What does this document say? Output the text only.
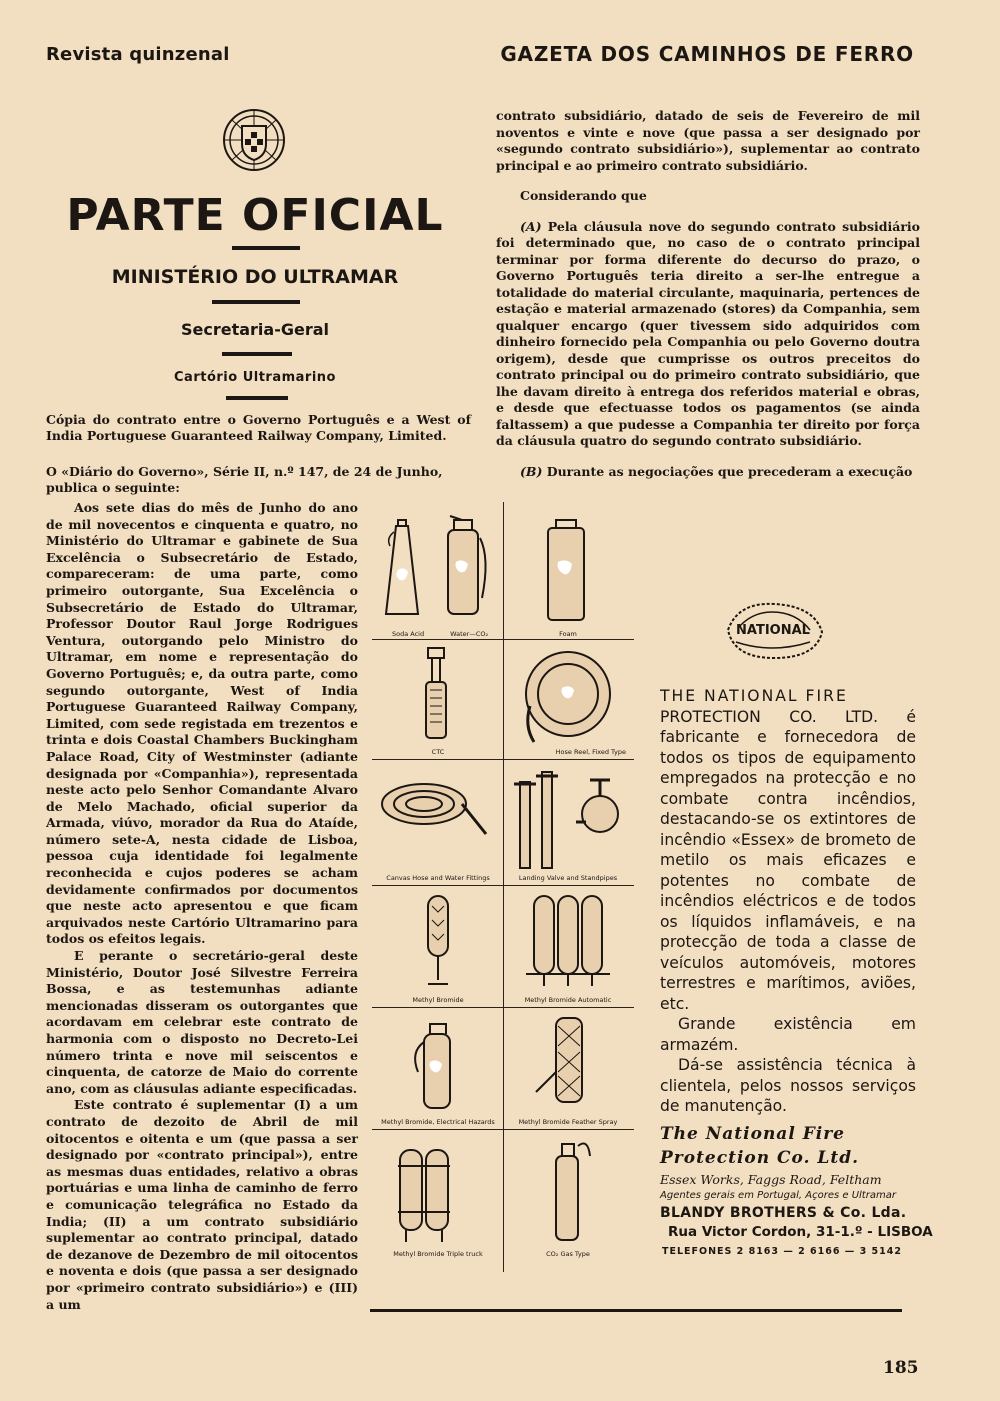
Revista quinzenal	GAZETA DOS CAMINHOS DE FERRO
PARTE OFICIAL
MINISTÉRIO DO ULTRAMAR
Secretaria-Geral
Cartório Ultramarino
Cópia do contrato entre o Governo Português e a West of India Portuguese Guaranteed Railway Company, Limited.
O «Diário do Governo», Série II, n.º 147, de 24 de Junho, publica o seguinte:

Aos sete dias do mês de Junho do ano de mil novecentos e cinquenta e quatro, no Ministério do Ultramar e gabinete de Sua Excelência o Subsecretário de Estado, compareceram: de uma parte, como primeiro outorgante, Sua Excelência o Subsecretário de Estado do Ultramar, Professor Doutor Raul Jorge Rodrigues Ventura, outorgando pelo Ministro do Ultramar, em nome e representação do Governo Português; e, da outra parte, como segundo outorgante, West of India Portuguese Guaranteed Railway Company, Limited, com sede registada em trezentos e trinta e dois Coastal Chambers Buckingham Palace Road, City of Westminster (adiante designada por «Companhia»), representada neste acto pelo Senhor Comandante Alvaro de Melo Machado, oficial superior da Armada, viúvo, morador da Rua do Ataíde, número sete-A, nesta cidade de Lisboa, pessoa cuja identidade foi legalmente reconhecida e cujos poderes se acham devidamente confirmados por documentos que neste acto apresentou e que ficam arquivados neste Cartório Ultramarino para todos os efeitos legais.

E perante o secretário-geral deste Ministério, Doutor José Silvestre Ferreira Bossa, e as testemunhas adiante mencionadas disseram os outorgantes que acordavam em celebrar este contrato de harmonia com o disposto no Decreto-Lei número trinta e nove mil seiscentos e cinquenta, de catorze de Maio do corrente ano, com as cláusulas adiante especificadas.

Este contrato é suplementar (I) a um contrato de dezoito de Abril de mil oitocentos e oitenta e um (que passa a ser designado por «contrato principal»), entre as mesmas duas entidades, relativo a obras portuárias e uma linha de caminho de ferro e comunicação telegráfica no Estado da India; (II) a um contrato subsidiário suplementar ao contrato principal, datado de dezanove de Dezembro de mil oitocentos e noventa e dois (que passa a ser designado por «primeiro contrato subsidiário») e (III) a um

contrato subsidiário, datado de seis de Fevereiro de mil noventos e vinte e nove (que passa a ser designado por «segundo contrato subsidiário»), suplementar ao contrato principal e ao primeiro contrato subsidiário.

Considerando que

(A) Pela cláusula nove do segundo contrato subsidiário foi determinado que, no caso de o contrato principal terminar por forma diferente do decurso do prazo, o Governo Português teria direito a ser-lhe entregue a totalidade do material circulante, maquinaria, pertences de estação e material armazenado (stores) da Companhia, sem qualquer encargo (quer tivessem sido adquiridos com dinheiro fornecido pela Companhia ou pelo Governo doutra origem), desde que cumprisse os outros preceitos do contrato principal ou do primeiro contrato subsidiário, que lhe davam direito à entrega dos referidos material e obras, e desde que efectuasse todos os pagamentos (se ainda faltassem) a que pudesse a Companhia ter direito por força da cláusula quatro do segundo contrato subsidiário.

(B) Durante as negociações que precederam a execução

Soda Acid	Water—CO₂	Foam
CTC	Hose Reel, Fixed Type
Canvas Hose and Water Fittings	Landing Valve and Standpipes
Methyl Bromide	Methyl Bromide Automatic
Methyl Bromide, Electrical Hazards	Methyl Bromide Feather Spray
Methyl Bromide Triple truck	CO₂ Gas Type
NATIONAL

THE NATIONAL FIRE

PROTECTION CO. LTD. é fabricante e fornecedora de todos os tipos de equipamento empregados na protecção e no combate contra incêndios, destacando-se os extintores de incêndio «Essex» de brometo de metilo os mais eficazes e potentes no combate de incêndios eléctricos e de todos os líquidos inflamáveis, e na protecção de toda a classe de veículos automóveis, motores terrestres e marítimos, aviões, etc.

Grande existência em armazém.

Dá-se assistência técnica à clientela, pelos nossos serviços de manutenção.

The National Fire
Protection Co. Ltd.
Essex Works, Faggs Road, Feltham
Agentes gerais em Portugal, Açores e Ultramar
BLANDY BROTHERS & Co. Lda.
Rua Victor Cordon, 31-1.º - LISBOA
TELEFONES 2 8163 — 2 6166 — 3 5142
185
